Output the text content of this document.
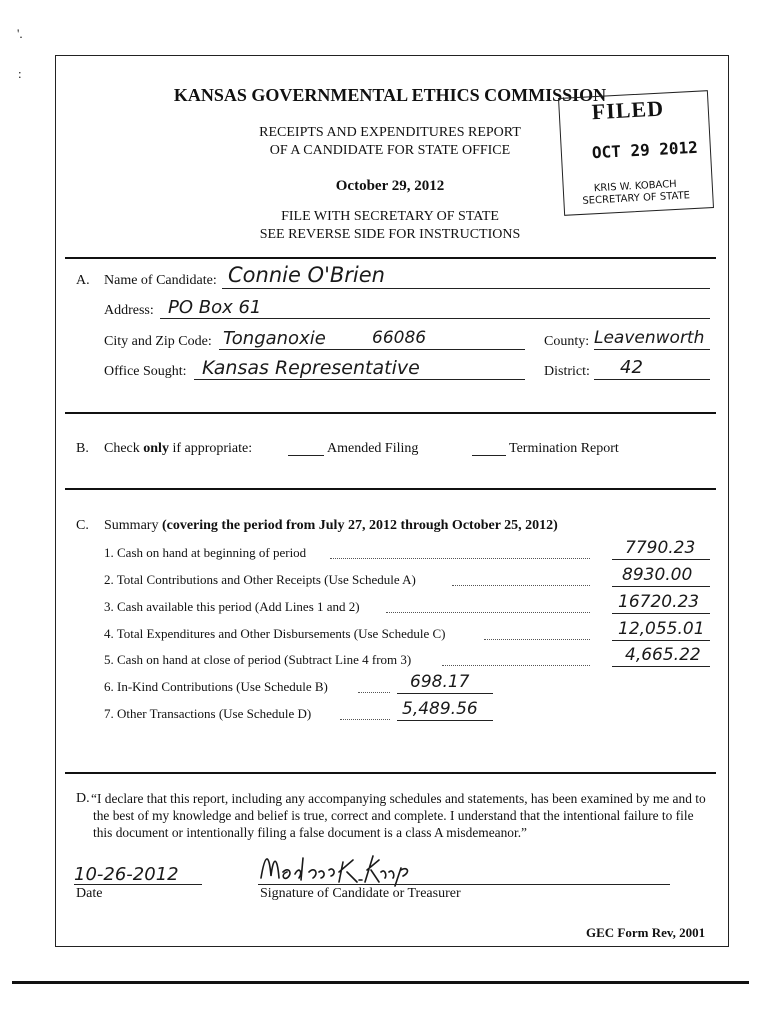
'.
:
KANSAS GOVERNMENTAL ETHICS COMMISSION
RECEIPTS AND EXPENDITURES REPORT
OF A CANDIDATE FOR STATE OFFICE
October 29, 2012
FILE WITH SECRETARY OF STATE
SEE REVERSE SIDE FOR INSTRUCTIONS
FILED
OCT 29 2012
KRIS W. KOBACH
SECRETARY OF STATE
A. Name of Candidate: Connie O'Brien
Address: PO Box 61
City and Zip Code: Tonganoxie	66086	County: Leavenworth
Office Sought: Kansas Representative	District: 42
B. Check only if appropriate:	Amended Filing	Termination Report
C. Summary (covering the period from July 27, 2012 through October 25, 2012)
1. Cash on hand at beginning of period	7790.23
2. Total Contributions and Other Receipts (Use Schedule A)	8930.00
3. Cash available this period (Add Lines 1 and 2)	16720.23
4. Total Expenditures and Other Disbursements (Use Schedule C)	12,055.01
5. Cash on hand at close of period (Subtract Line 4 from 3)	4,665.22
6. In-Kind Contributions (Use Schedule B)	698.17
7. Other Transactions (Use Schedule D)	5,489.56
D. “I declare that this report, including any accompanying schedules and statements, has been examined by me and to the best of my knowledge and belief is true, correct and complete. I understand that the intentional failure to file this document or intentionally filing a false document is a class A misdemeanor.”
10-26-2012
Date	Signature of Candidate or Treasurer
GEC Form Rev, 2001
